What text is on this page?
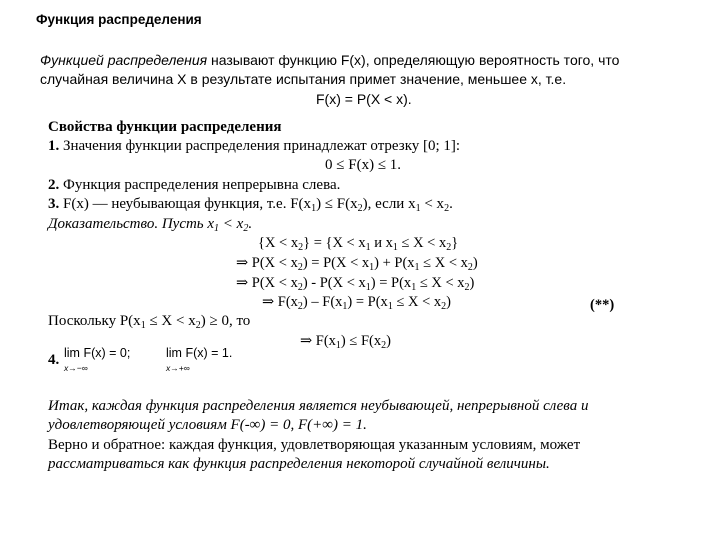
Функция распределения
Функцией распределения называют функцию F(x), определяющую вероятность того, что
случайная величина X в результате испытания примет значение, меньшее x, т.е.
F(x) = P(X < x).
Свойства функции распределения
1. Значения функции распределения принадлежат отрезку [0; 1]:
0 ≤ F(x) ≤ 1.
2. Функция распределения непрерывна слева.
3. F(x) — неубывающая функция, т.е. $F(x_1) \le F(x_2)$, если $x_1 < x_2$.
Доказательство. Пусть $x_1 < x_2$.
$\{X < x_2\} = \{X < x_1$ и $x_1 \le X < x_2$}
⇒ $P(X < x_2) = P(X < x_1) + P(x_1 \le X < x_2)$
⇒ $P(X < x_2) - P(X < x_1) = P(x_1 \le X < x_2)$
⇒ $F(x_2) - F(x_1) = P(x_1 \le X < x_2)$	(**)
Поскольку $P(x_1 \le X < x_2) \ge 0$, то
⇒ $F(x_1) \le F(x_2)$
4. lim F(x) = 0;
x→−∞
lim F(x) = 1.
x→+∞
Итак, каждая функция распределения является неубывающей, непрерывной слева и
удовлетворяющей условиям F(-∞) = 0, F(+∞) = 1.
Верно и обратное: каждая функция, удовлетворяющая указанным условиям, может
рассматриваться как функция распределения некоторой случайной величины.
